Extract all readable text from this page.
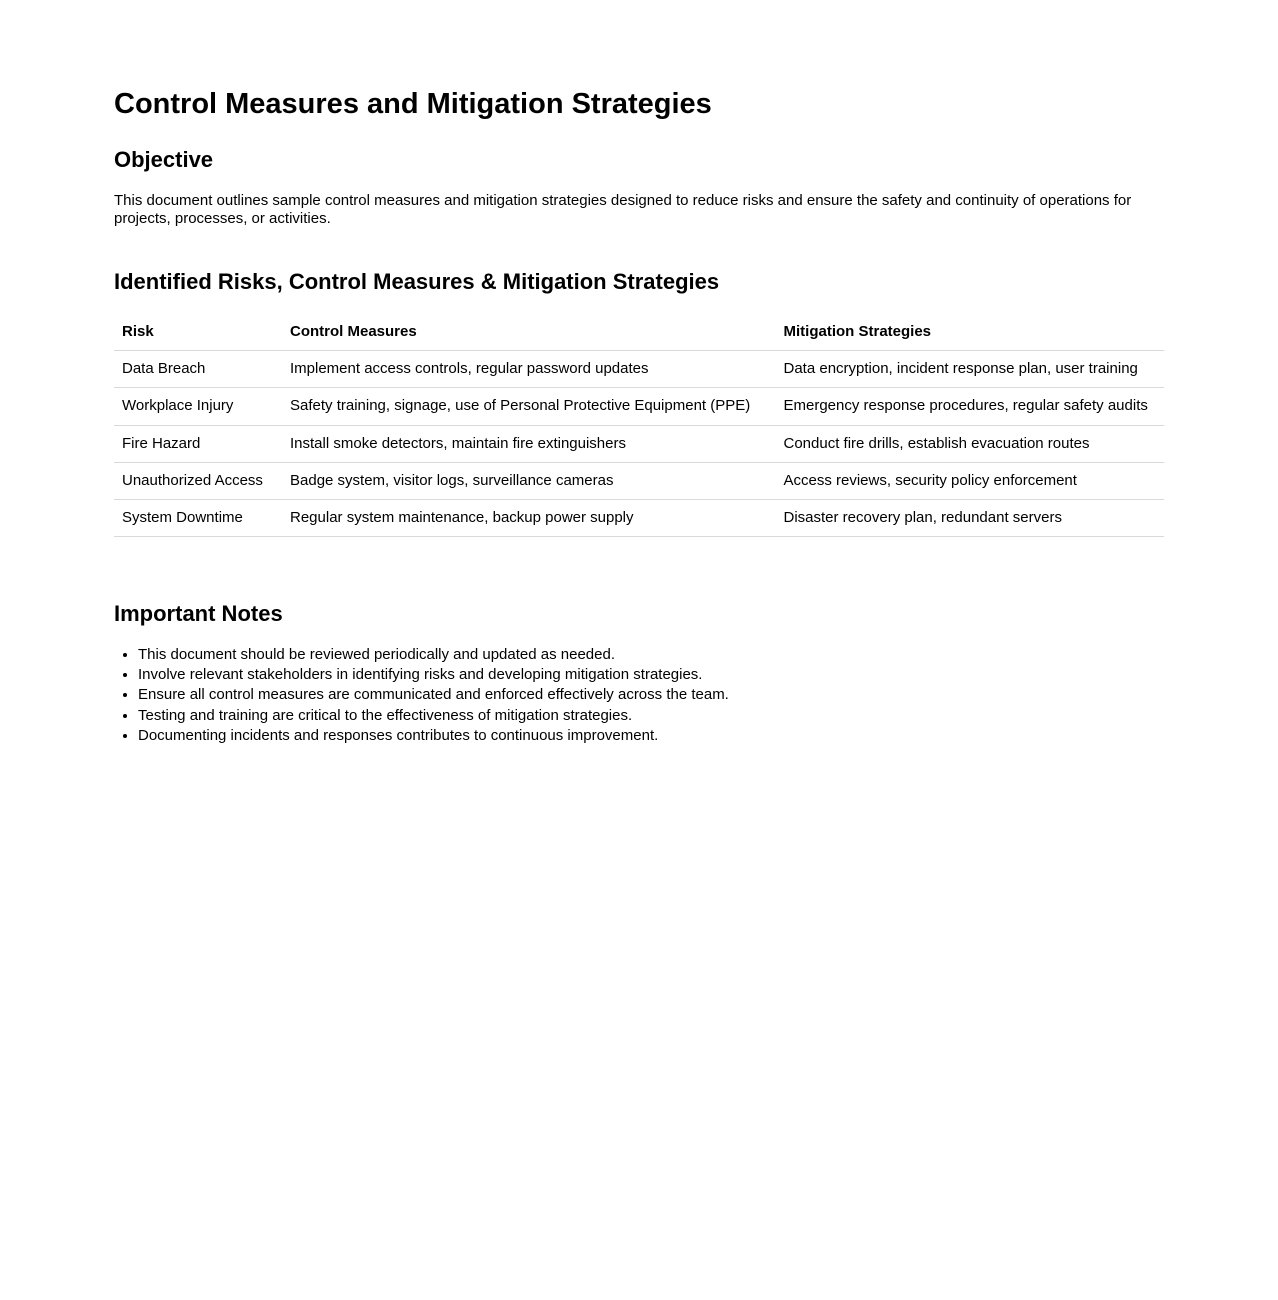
Control Measures and Mitigation Strategies
Objective

This document outlines sample control measures and mitigation strategies designed to reduce risks and ensure the safety and continuity of operations for projects, processes, or activities.

Identified Risks, Control Measures & Mitigation Strategies
Risk	Control Measures	Mitigation Strategies
Data Breach	Implement access controls, regular password updates	Data encryption, incident response plan, user training
Workplace Injury	Safety training, signage, use of Personal Protective Equipment (PPE)	Emergency response procedures, regular safety audits
Fire Hazard	Install smoke detectors, maintain fire extinguishers	Conduct fire drills, establish evacuation routes
Unauthorized Access	Badge system, visitor logs, surveillance cameras	Access reviews, security policy enforcement
System Downtime	Regular system maintenance, backup power supply	Disaster recovery plan, redundant servers
Important Notes
• This document should be reviewed periodically and updated as needed.
• Involve relevant stakeholders in identifying risks and developing mitigation strategies.
• Ensure all control measures are communicated and enforced effectively across the team.
• Testing and training are critical to the effectiveness of mitigation strategies.
• Documenting incidents and responses contributes to continuous improvement.
